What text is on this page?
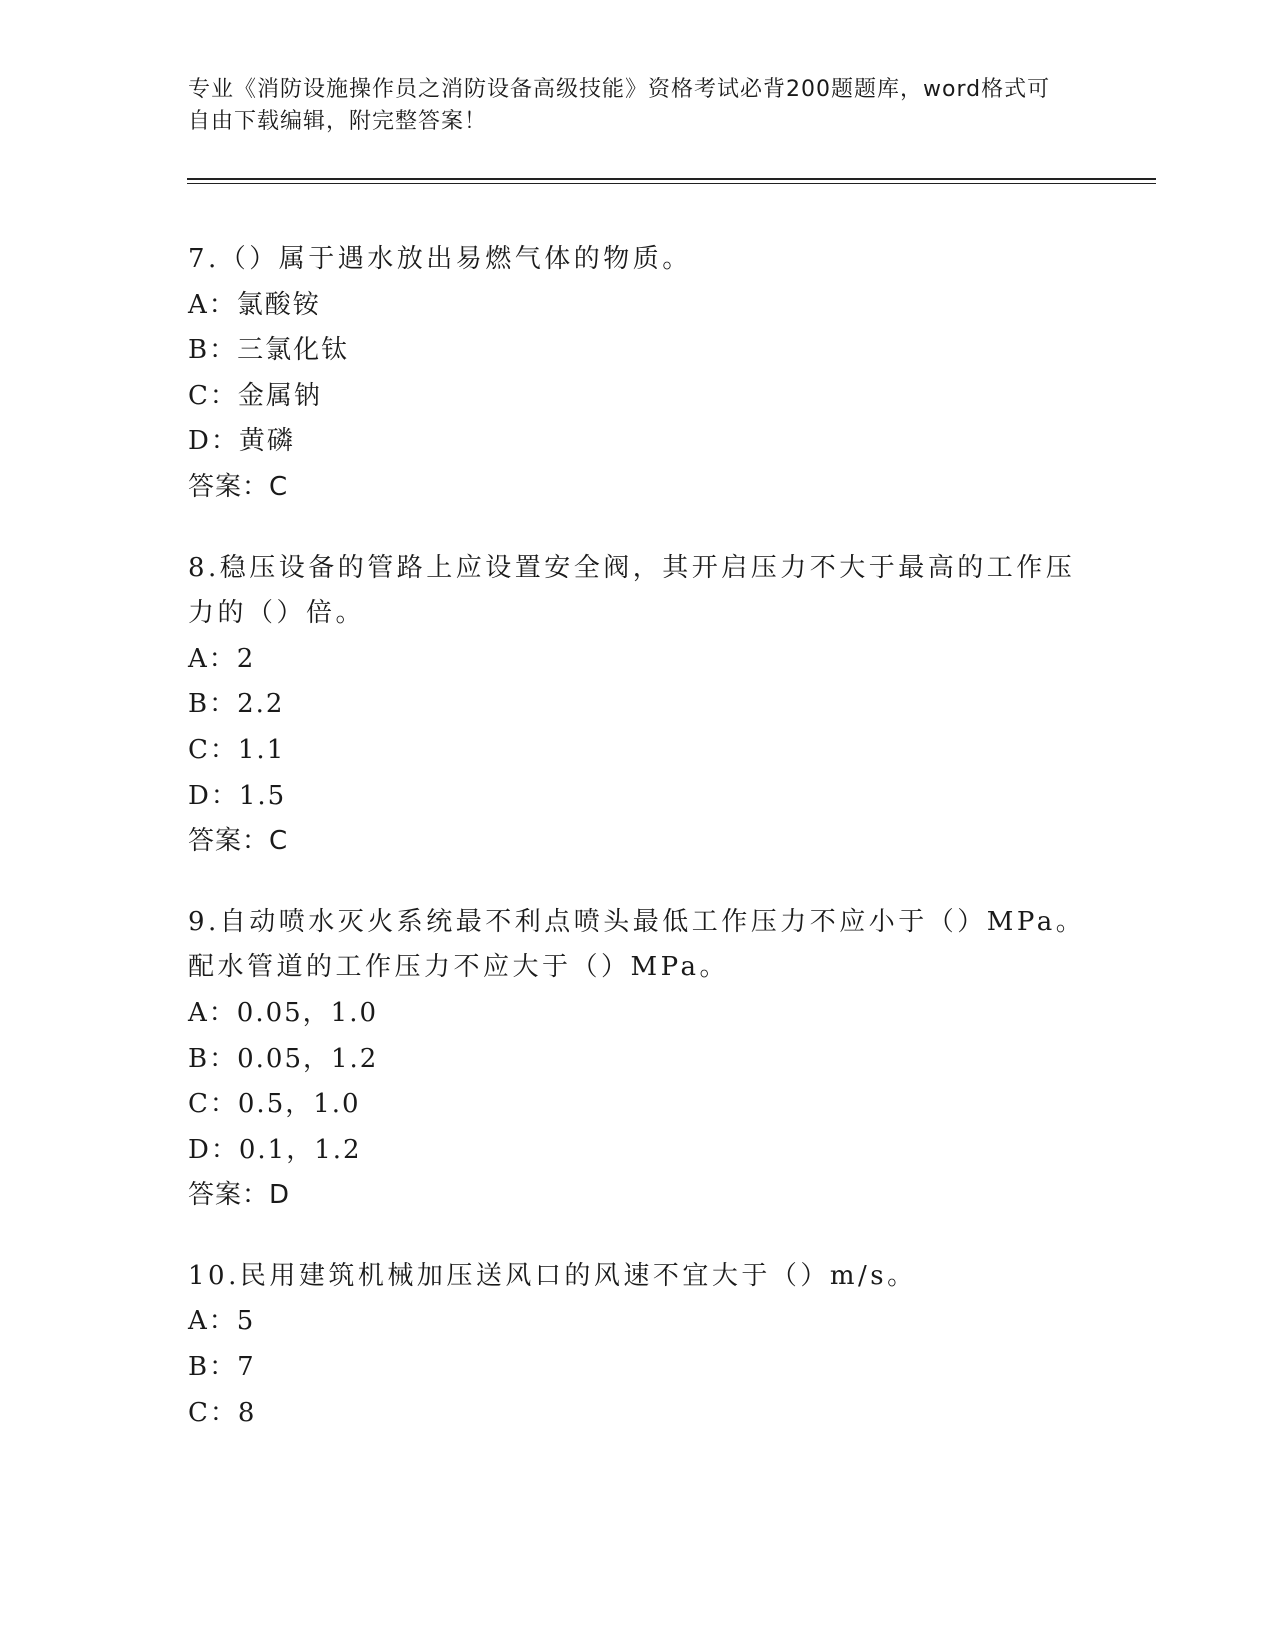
专业《消防设施操作员之消防设备高级技能》资格考试必背200题题库，word格式可自由下载编辑，附完整答案！
7.（）属于遇水放出易燃气体的物质。
A：氯酸铵
B：三氯化钛
C：金属钠
D：黄磷
答案：C
8.稳压设备的管路上应设置安全阀，其开启压力不大于最高的工作压力的（）倍。
A：2
B：2.2
C：1.1
D：1.5
答案：C
9.自动喷水灭火系统最不利点喷头最低工作压力不应小于（）MPa。配水管道的工作压力不应大于（）MPa。
A：0.05，1.0
B：0.05，1.2
C：0.5，1.0
D：0.1，1.2
答案：D
10.民用建筑机械加压送风口的风速不宜大于（）m/s。
A：5
B：7
C：8
